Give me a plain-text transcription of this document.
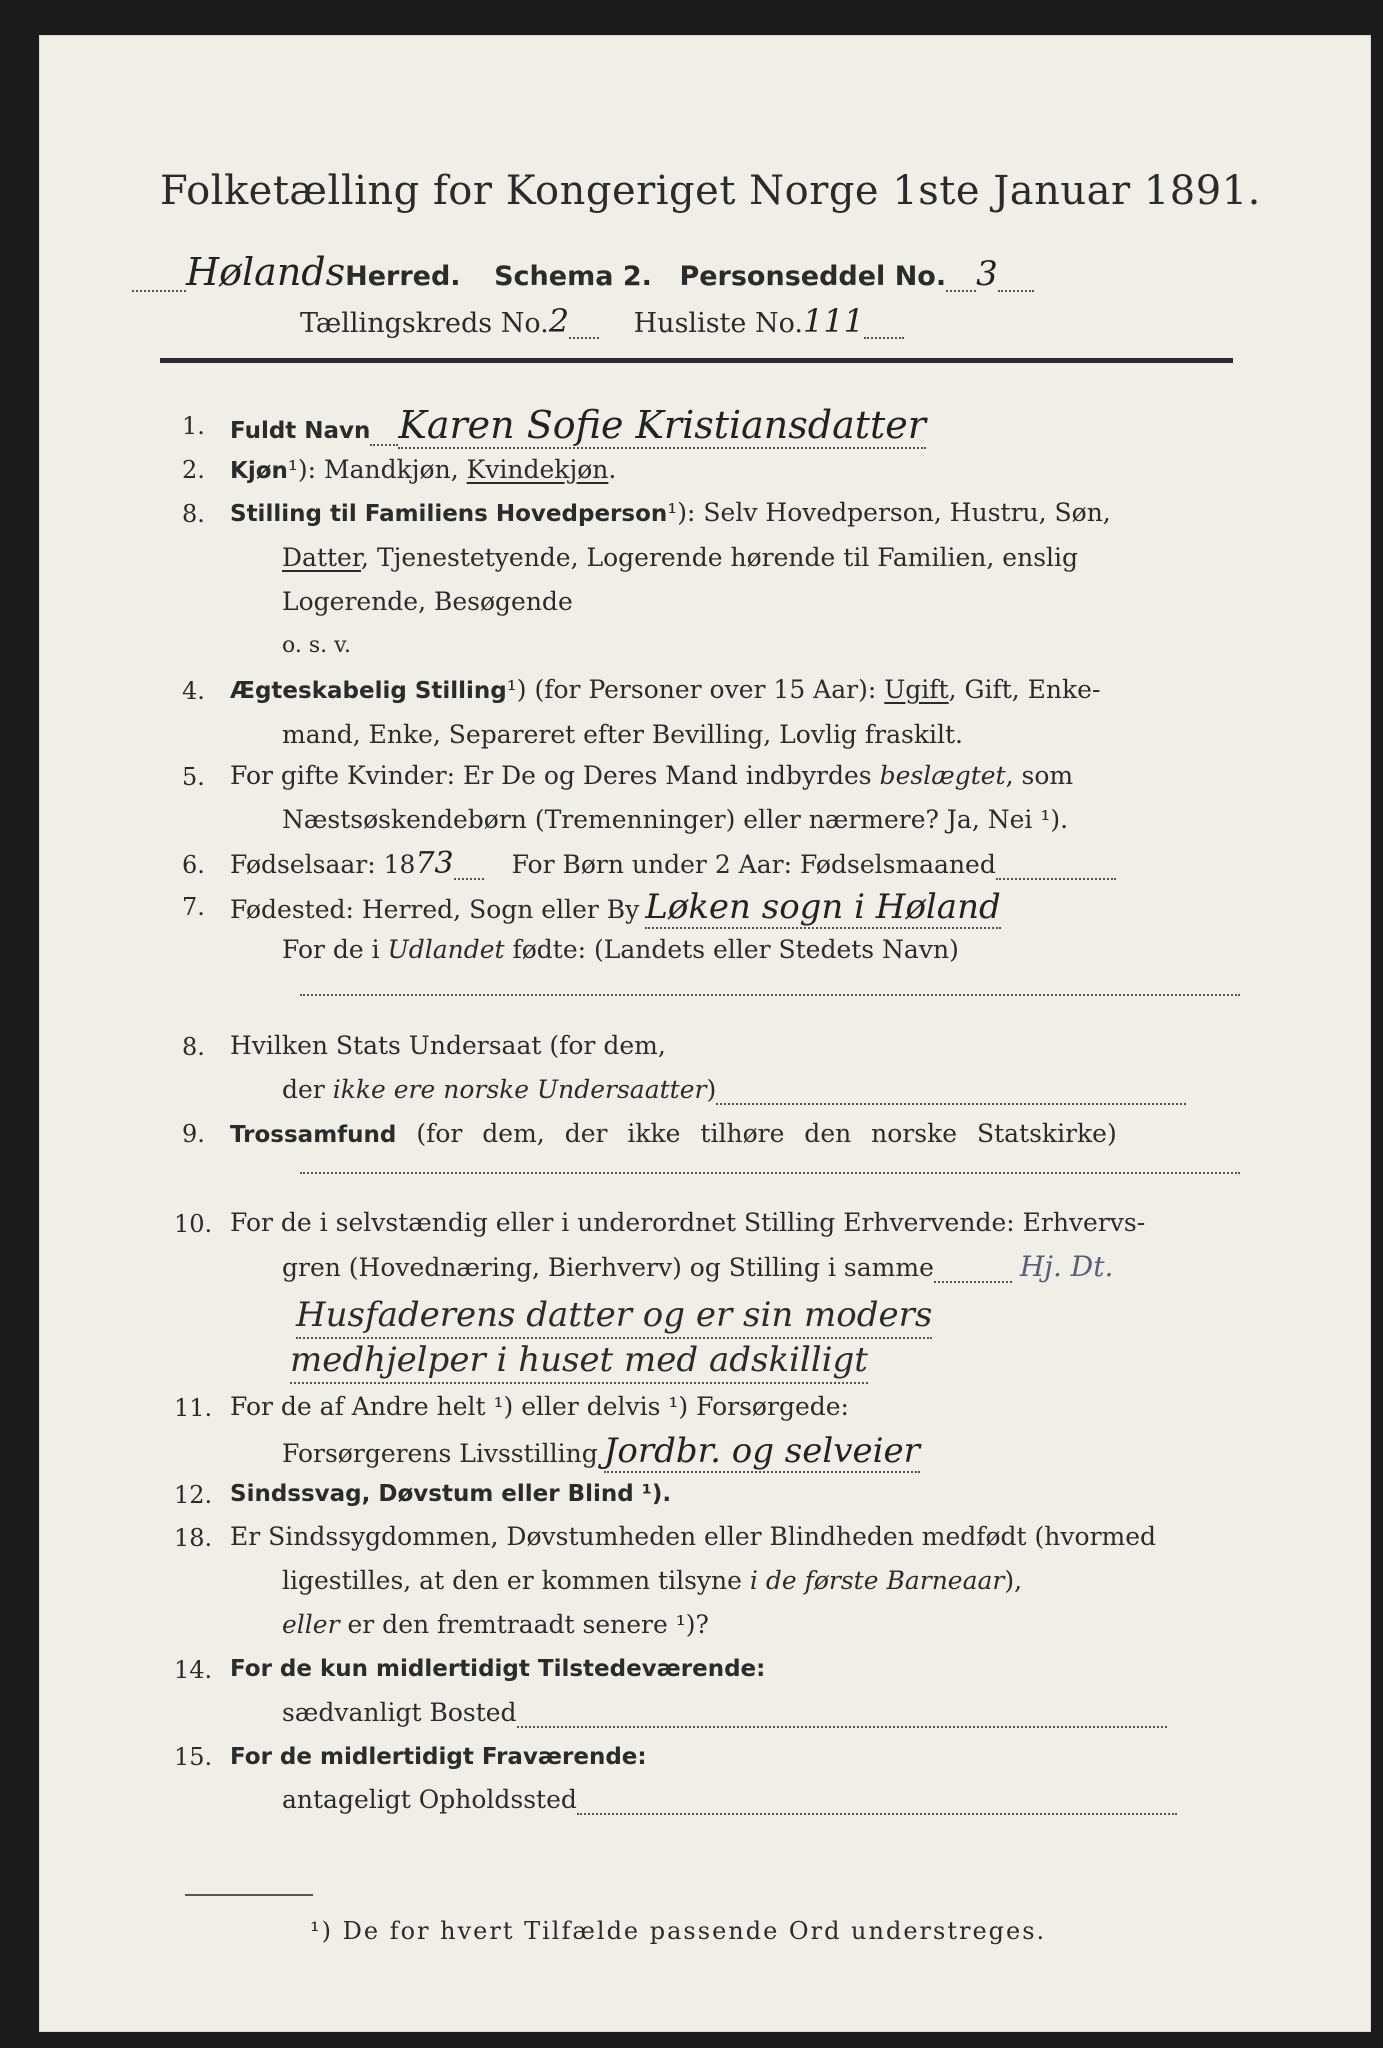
Folketælling for Kongeriget Norge 1ste Januar 1891.
HølandsHerred. Schema 2. Personseddel No. 3
Tællingskreds No.2 Husliste No.111
1. Fuldt Navn Karen Sofie Kristiansdatter
2. Kjøn¹): Mandkjøn, Kvindekjøn.
8. Stilling til Familiens Hovedperson¹): Selv Hovedperson, Hustru, Søn,
Datter, Tjenestetyende, Logerende hørende til Familien, enslig
Logerende, Besøgende
o. s. v.
4. Ægteskabelig Stilling¹) (for Personer over 15 Aar): Ugift, Gift, Enke-
mand, Enke, Separeret efter Bevilling, Lovlig fraskilt.
5. For gifte Kvinder: Er De og Deres Mand indbyrdes beslægtet, som
Næstsøskendebørn (Tremenninger) eller nærmere? Ja, Nei ¹).
6. Fødselsaar: 1873 For Børn under 2 Aar: Fødselsmaaned
7. Fødested: Herred, Sogn eller By Løken sogn i Høland
For de i Udlandet fødte: (Landets eller Stedets Navn)
8. Hvilken Stats Undersaat (for dem,
der ikke ere norske Undersaatter)
9. Trossamfund (for dem, der ikke tilhøre den norske Statskirke)
10. For de i selvstændig eller i underordnet Stilling Erhvervende: Erhvervs-
gren (Hovednæring, Bierhverv) og Stilling i samme	Hj. Dt.
Husfaderens datter og er sin moders
medhjelper i huset med adskilligt
11. For de af Andre helt ¹) eller delvis ¹) Forsørgede:
Forsørgerens Livsstilling Jordbr. og selveier
12. Sindssvag, Døvstum eller Blind ¹).
18. Er Sindssygdommen, Døvstumheden eller Blindheden medfødt (hvormed
ligestilles, at den er kommen tilsyne i de første Barneaar),
eller er den fremtraadt senere ¹)?
14. For de kun midlertidigt Tilstedeværende:
sædvanligt Bosted
15. For de midlertidigt Fraværende:
antageligt Opholdssted
¹) De for hvert Tilfælde passende Ord understreges.
